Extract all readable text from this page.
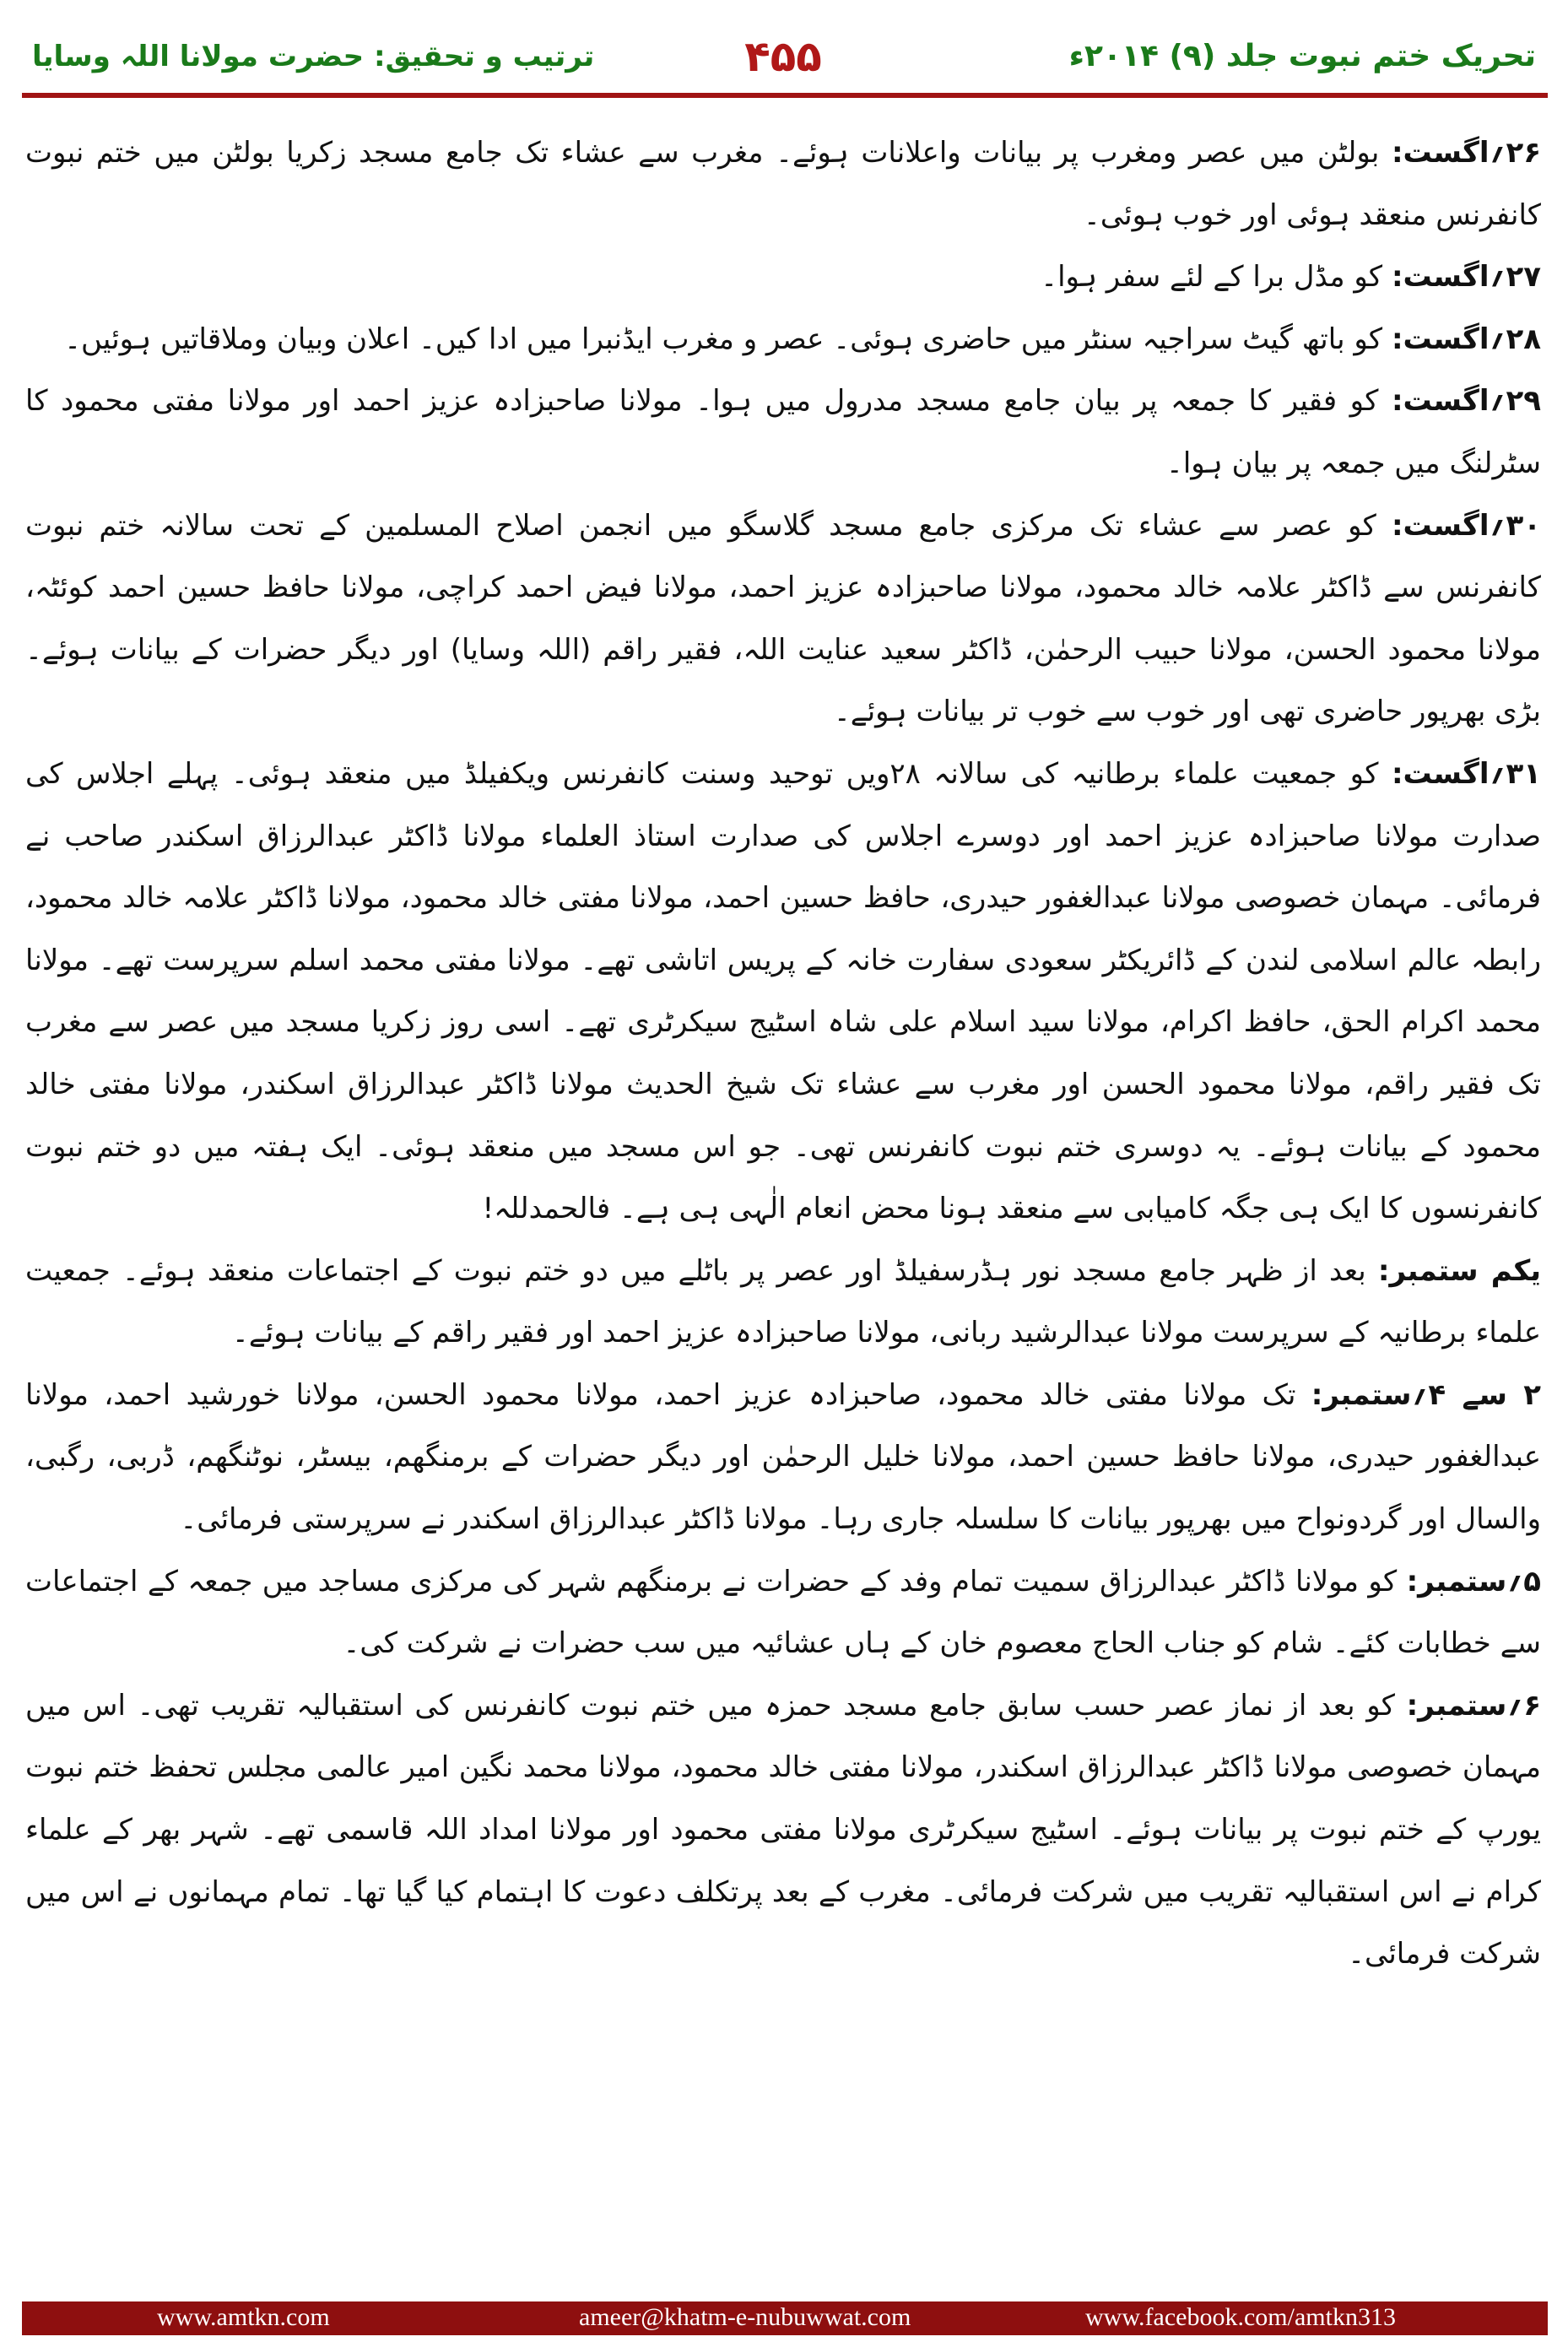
تحریک ختم نبوت جلد (۹) ۲۰۱۴ء
۴۵۵
ترتیب و تحقیق: حضرت مولانا اللہ وسایا

۲۶؍اگست: بولٹن میں عصر ومغرب پر بیانات واعلانات ہوئے۔ مغرب سے عشاء تک جامع مسجد زکریا بولٹن میں ختم نبوت کانفرنس منعقد ہوئی اور خوب ہوئی۔

۲۷؍اگست: کو مڈل برا کے لئے سفر ہوا۔

۲۸؍اگست: کو باتھ گیٹ سراجیہ سنٹر میں حاضری ہوئی۔ عصر و مغرب ایڈنبرا میں ادا کیں۔ اعلان وبیان وملاقاتیں ہوئیں۔

۲۹؍اگست: کو فقیر کا جمعہ پر بیان جامع مسجد مدرول میں ہوا۔ مولانا صاحبزادہ عزیز احمد اور مولانا مفتی محمود کا سٹرلنگ میں جمعہ پر بیان ہوا۔

۳۰؍اگست: کو عصر سے عشاء تک مرکزی جامع مسجد گلاسگو میں انجمن اصلاح المسلمین کے تحت سالانہ ختم نبوت کانفرنس سے ڈاکٹر علامہ خالد محمود، مولانا صاحبزادہ عزیز احمد، مولانا فیض احمد کراچی، مولانا حافظ حسین احمد کوئٹہ، مولانا محمود الحسن، مولانا حبیب الرحمٰن، ڈاکٹر سعید عنایت اللہ، فقیر راقم (اللہ وسایا) اور دیگر حضرات کے بیانات ہوئے۔ بڑی بھرپور حاضری تھی اور خوب سے خوب تر بیانات ہوئے۔

۳۱؍اگست: کو جمعیت علماء برطانیہ کی سالانہ ۲۸ویں توحید وسنت کانفرنس ویکفیلڈ میں منعقد ہوئی۔ پہلے اجلاس کی صدارت مولانا صاحبزادہ عزیز احمد اور دوسرے اجلاس کی صدارت استاذ العلماء مولانا ڈاکٹر عبدالرزاق اسکندر صاحب نے فرمائی۔ مہمان خصوصی مولانا عبدالغفور حیدری، حافظ حسین احمد، مولانا مفتی خالد محمود، مولانا ڈاکٹر علامہ خالد محمود، رابطہ عالم اسلامی لندن کے ڈائریکٹر سعودی سفارت خانہ کے پریس اتاشی تھے۔ مولانا مفتی محمد اسلم سرپرست تھے۔ مولانا محمد اکرام الحق، حافظ اکرام، مولانا سید اسلام علی شاہ اسٹیج سیکرٹری تھے۔ اسی روز زکریا مسجد میں عصر سے مغرب تک فقیر راقم، مولانا محمود الحسن اور مغرب سے عشاء تک شیخ الحدیث مولانا ڈاکٹر عبدالرزاق اسکندر، مولانا مفتی خالد محمود کے بیانات ہوئے۔ یہ دوسری ختم نبوت کانفرنس تھی۔ جو اس مسجد میں منعقد ہوئی۔ ایک ہفتہ میں دو ختم نبوت کانفرنسوں کا ایک ہی جگہ کامیابی سے منعقد ہونا محض انعام الٰہی ہی ہے۔ فالحمدللہ!

یکم ستمبر: بعد از ظہر جامع مسجد نور ہڈرسفیلڈ اور عصر پر باٹلے میں دو ختم نبوت کے اجتماعات منعقد ہوئے۔ جمعیت علماء برطانیہ کے سرپرست مولانا عبدالرشید ربانی، مولانا صاحبزادہ عزیز احمد اور فقیر راقم کے بیانات ہوئے۔

۲ سے ۴؍ستمبر: تک مولانا مفتی خالد محمود، صاحبزادہ عزیز احمد، مولانا محمود الحسن، مولانا خورشید احمد، مولانا عبدالغفور حیدری، مولانا حافظ حسین احمد، مولانا خلیل الرحمٰن اور دیگر حضرات کے برمنگھم، بیسٹر، نوٹنگھم، ڈربی، رگبی، والسال اور گردونواح میں بھرپور بیانات کا سلسلہ جاری رہا۔ مولانا ڈاکٹر عبدالرزاق اسکندر نے سرپرستی فرمائی۔

۵؍ستمبر: کو مولانا ڈاکٹر عبدالرزاق سمیت تمام وفد کے حضرات نے برمنگھم شہر کی مرکزی مساجد میں جمعہ کے اجتماعات سے خطابات کئے۔ شام کو جناب الحاج معصوم خان کے ہاں عشائیہ میں سب حضرات نے شرکت کی۔

۶؍ستمبر: کو بعد از نماز عصر حسب سابق جامع مسجد حمزہ میں ختم نبوت کانفرنس کی استقبالیہ تقریب تھی۔ اس میں مہمان خصوصی مولانا ڈاکٹر عبدالرزاق اسکندر، مولانا مفتی خالد محمود، مولانا محمد نگین امیر عالمی مجلس تحفظ ختم نبوت یورپ کے ختم نبوت پر بیانات ہوئے۔ اسٹیج سیکرٹری مولانا مفتی محمود اور مولانا امداد اللہ قاسمی تھے۔ شہر بھر کے علماء کرام نے اس استقبالیہ تقریب میں شرکت فرمائی۔ مغرب کے بعد پرتکلف دعوت کا اہتمام کیا گیا تھا۔ تمام مہمانوں نے اس میں شرکت فرمائی۔

www.amtkn.com	ameer@khatm-e-nubuwwat.com	www.facebook.com/amtkn313
